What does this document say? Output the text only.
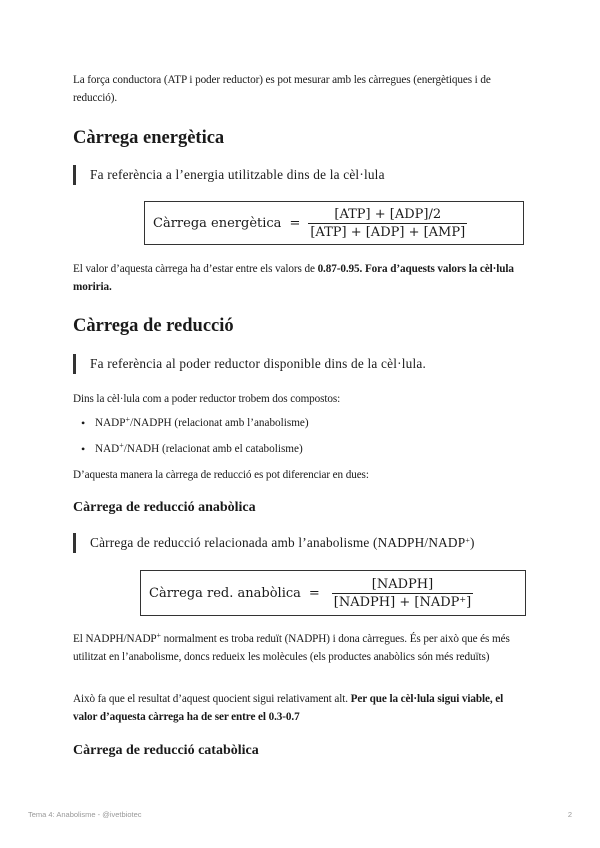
La força conductora (ATP i poder reductor) es pot mesurar amb les càrregues (energètiques i de reducció).

Càrrega energètica
Fa referència a l’energia utilitzable dins de la cèl·lula
Càrrega energètica = $\frac{\text{[ATP] + [ADP]/2}}{\text{[ATP] + [ADP] + [AMP]}}$

El valor d’aquesta càrrega ha d’estar entre els valors de 0.87-0.95. Fora d’aquests valors la cèl·lula moriria.

Càrrega de reducció
Fa referència al poder reductor disponible dins de la cèl·lula.

Dins la cèl·lula com a poder reductor trobem dos compostos:

• NADP+/NADPH (relacionat amb l’anabolisme)
• NAD+/NADH (relacionat amb el catabolisme)

D’aquesta manera la càrrega de reducció es pot diferenciar en dues:

Càrrega de reducció anabòlica
Càrrega de reducció relacionada amb l’anabolisme (NADPH/NADP+)
Càrrega red. anabòlica = $\frac{\text{[NADPH]}}{[NADPH] + [NADP^+]}$

El NADPH/NADP+ normalment es troba reduït (NADPH) i dona càrregues. És per això que és més utilitzat en l’anabolisme, doncs redueix les molècules (els productes anabòlics són més reduïts)

Això fa que el resultat d’aquest quocient sigui relativament alt. Per que la cèl·lula sigui viable, el valor d’aquesta càrrega ha de ser entre el 0.3-0.7

Càrrega de reducció catabòlica
Tema 4: Anabolisme - @ivetbiotec	2
